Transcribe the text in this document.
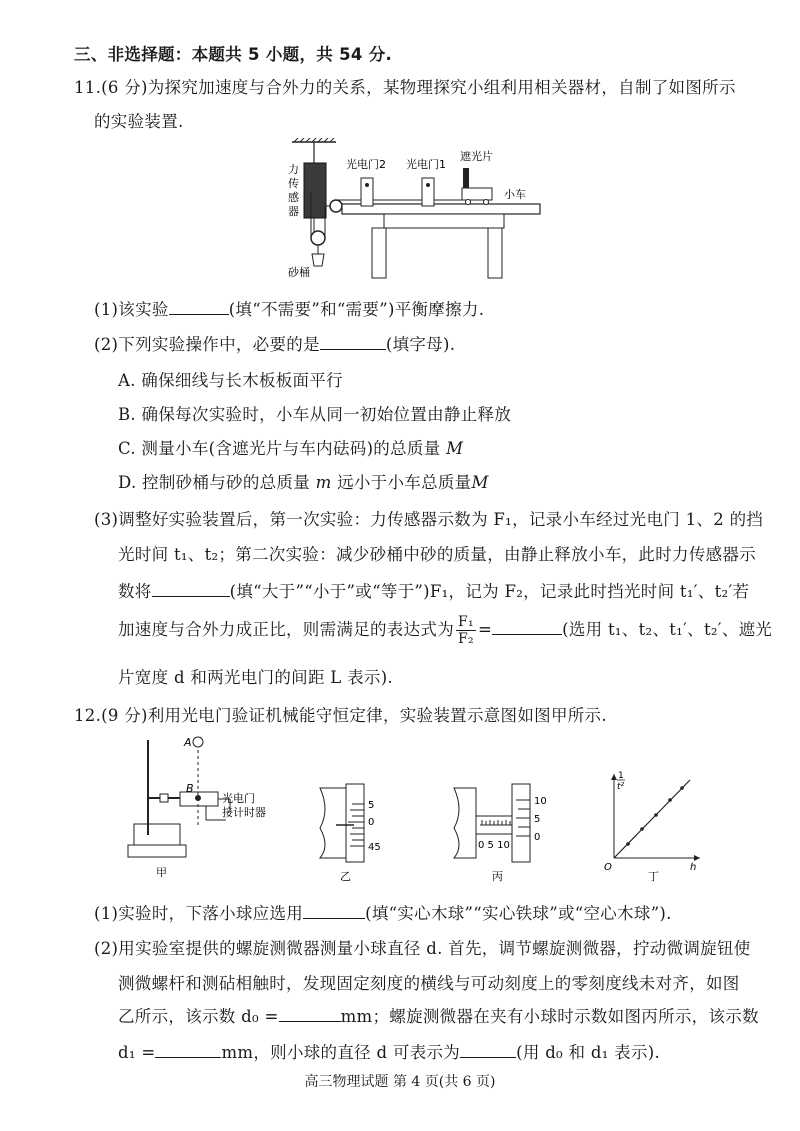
三、非选择题：本题共 5 小题，共 54 分.
11.(6 分)为探究加速度与合外力的关系，某物理探究小组利用相关器材，自制了如图所示
的实验装置.
力
传
感
器
砂桶
光电门2 光电门1
遮光片
小车
(1)该实验	(填“不需要”和“需要”)平衡摩擦力.
(2)下列实验操作中，必要的是	(填字母).
A. 确保细线与长木板板面平行
B. 确保每次实验时，小车从同一初始位置由静止释放
C. 测量小车(含遮光片与车内砝码)的总质量 M
D. 控制砂桶与砂的总质量 m 远小于小车总质量M
(3)调整好实验装置后，第一次实验：力传感器示数为 F₁，记录小车经过光电门 1、2 的挡
光时间 t₁、t₂；第二次实验：减少砂桶中砂的质量，由静止释放小车，此时力传感器示
数将	(填“大于”“小于”或“等于”)F₁，记为 F₂，记录此时挡光时间 t₁′、t₂′若
加速度与合外力成正比，则需满足的表达式为 $\frac{\text{F₁}}{\text{F₂}}$ =	(选用 t₁、t₂、t₁′、t₂′、遮光
片宽度 d 和两光电门的间距 L 表示).
12.(9 分)利用光电门验证机械能守恒定律，实验装置示意图如图甲所示.
A
B
光电门
接计时器
甲
5
0
45
乙
10
5
0
0 5 10
丙
1
t²
O	h
丁
(1)实验时，下落小球应选用	(填“实心木球”“实心铁球”或“空心木球”).
(2)用实验室提供的螺旋测微器测量小球直径 d. 首先，调节螺旋测微器，拧动微调旋钮使
测微螺杆和测砧相触时，发现固定刻度的横线与可动刻度上的零刻度线未对齐，如图
乙所示，该示数 d₀ =	mm；螺旋测微器在夹有小球时示数如图丙所示，该示数
d₁ =	mm，则小球的直径 d 可表示为	(用 d₀ 和 d₁ 表示).
高三物理试题 第 4 页(共 6 页)
